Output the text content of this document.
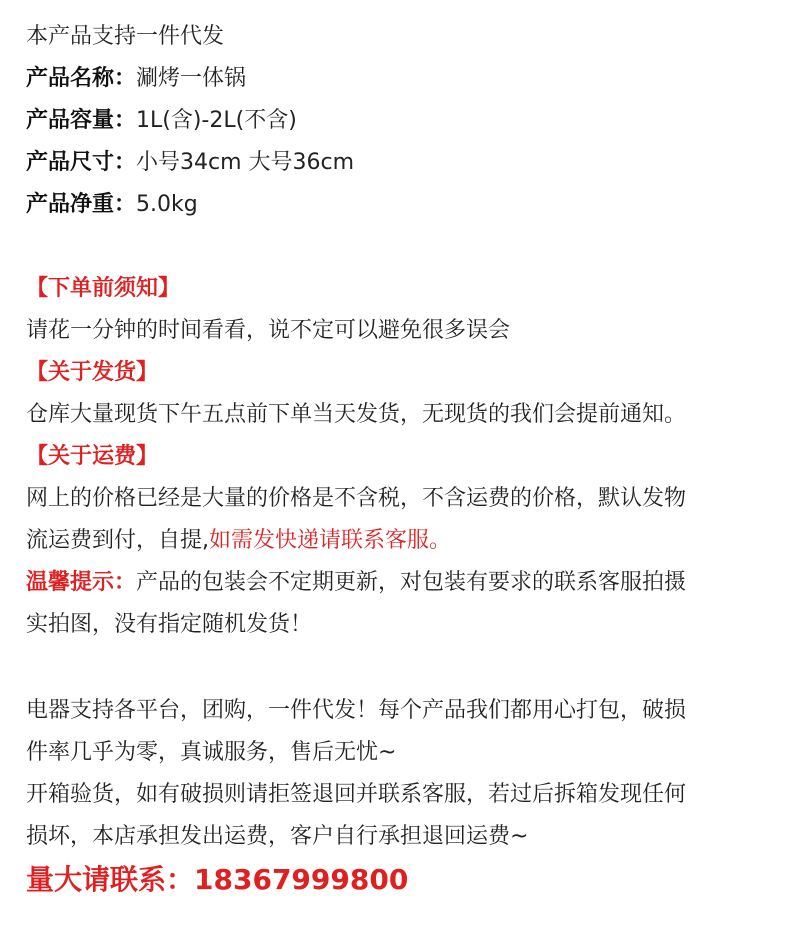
本产品支持一件代发
产品名称：涮烤一体锅
产品容量：1L(含)-2L(不含)
产品尺寸：小号34cm 大号36cm
产品净重：5.0kg
【下单前须知】
请花一分钟的时间看看，说不定可以避免很多误会
【关于发货】
仓库大量现货下午五点前下单当天发货，无现货的我们会提前通知。
【关于运费】
网上的价格已经是大量的价格是不含税，不含运费的价格，默认发物
流运费到付，自提,如需发快递请联系客服。
温馨提示：产品的包装会不定期更新，对包装有要求的联系客服拍摄
实拍图，没有指定随机发货！
电器支持各平台，团购，一件代发！每个产品我们都用心打包，破损
件率几乎为零，真诚服务，售后无忧~
开箱验货，如有破损则请拒签退回并联系客服，若过后拆箱发现任何
损坏，本店承担发出运费，客户自行承担退回运费~
量大请联系：18367999800
